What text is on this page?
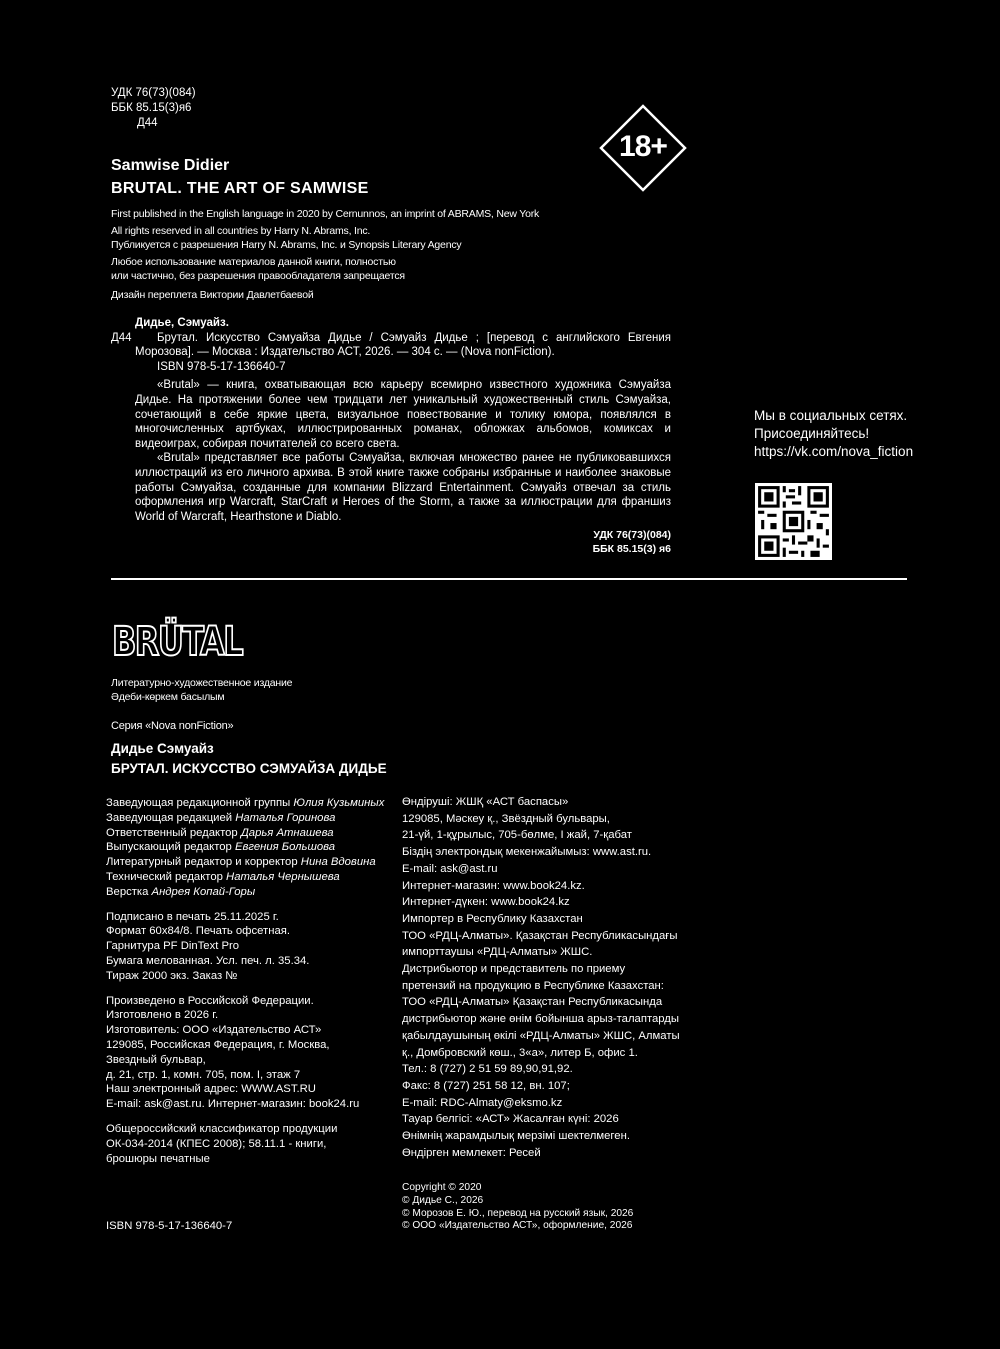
УДК 76(73)(084)
ББК 85.15(3)я6
Д44
18+
Samwise Didier
BRUTAL. THE ART OF SAMWISE
First published in the English language in 2020 by Cernunnos, an imprint of ABRAMS, New York
All rights reserved in all countries by Harry N. Abrams, Inc.
Публикуется с разрешения Harry N. Abrams, Inc. и Synopsis Literary Agency
Любое использование материалов данной книги, полностью
или частично, без разрешения правообладателя запрещается
Дизайн переплета Виктории Давлетбаевой

Дидье, Сэмуайз.

Д44	Брутал. Искусство Сэмуайза Дидье / Сэмуайз Дидье ; [перевод с английского Евгения Морозова]. — Москва : Издательство АСТ, 2026. — 304 с. — (Nova nonFiction).

ISBN 978-5-17-136640-7

«Brutal» — книга, охватывающая всю карьеру всемирно известного художника Сэмуайза Дидье. На протяжении более чем тридцати лет уникальный художественный стиль Сэмуайза, сочетающий в себе яркие цвета, визуальное повествование и толику юмора, появлялся в многочисленных артбуках, иллюстрированных романах, обложках альбомов, комиксах и видеоиграх, собирая почитателей со всего света.

«Brutal» представляет все работы Сэмуайза, включая множество ранее не публиковавшихся иллюстраций из его личного архива. В этой книге также собраны избранные и наиболее знаковые работы Сэмуайза, созданные для компании Blizzard Entertainment. Сэмуайз отвечал за стиль оформления игр Warcraft, StarCraft и Heroes of the Storm, а также за иллюстрации для франшиз World of Warcraft, Hearthstone и Diablo.

УДК 76(73)(084)
ББК 85.15(3) я6
Мы в социальных сетях.
Присоединяйтесь!
https://vk.com/nova_fiction
BRÜTAL
Литературно-художественное издание
Әдеби-көркем басылым
Серия «Nova nonFiction»
Дидье Сэмуайз
БРУТАЛ. ИСКУССТВО СЭМУАЙЗА ДИДЬЕ
Заведующая редакционной группы Юлия Кузьминых
Заведующая редакцией Наталья Горинова
Ответственный редактор Дарья Атнашева
Выпускающий редактор Евгения Большова
Литературный редактор и корректор Нина Вдовина
Технический редактор Наталья Чернышева
Верстка Андрея Копай-Горы
Подписано в печать 25.11.2025 г.
Формат 60х84/8. Печать офсетная.
Гарнитура PF DinText Pro
Бумага мелованная. Усл. печ. л. 35.34.
Тираж 2000 экз. Заказ №
Произведено в Российской Федерации.
Изготовлено в 2026 г.
Изготовитель: ООО «Издательство АСТ»
129085, Российская Федерация, г. Москва,
Звездный бульвар,
д. 21, стр. 1, комн. 705, пом. I, этаж 7
Наш электронный адрес: WWW.AST.RU
E-mail: ask@ast.ru. Интернет-магазин: book24.ru
Общероссийский классификатор продукции
ОК-034-2014 (КПЕС 2008); 58.11.1 - книги,
брошюры печатные
ISBN 978-5-17-136640-7
Өндіруші: ЖШҚ «АСТ баспасы»
129085, Мәскеу қ., Звёздный бульвары,
21-үй, 1-құрылыс, 705-бөлме, I жай, 7-қабат
Біздің электрондық мекенжайымыз: www.ast.ru.
E-mail: ask@ast.ru
Интернет-магазин: www.book24.kz.
Интернет-дүкен: www.book24.kz
Импортер в Республику Казахстан
ТОО «РДЦ-Алматы». Қазақстан Республикасындағы
импорттаушы «РДЦ-Алматы» ЖШС.
Дистрибьютор и представитель по приему
претензий на продукцию в Республике Казахстан:
ТОО «РДЦ-Алматы» Қазақстан Республикасында
дистрибьютор және өнім бойынша арыз-талаптарды
қабылдаушының өкілі «РДЦ-Алматы» ЖШС, Алматы
қ., Домбровский көш., 3«а», литер Б, офис 1.
Тел.: 8 (727) 2 51 59 89,90,91,92.
Факс: 8 (727) 251 58 12, вн. 107;
E-mail: RDC-Almaty@eksmo.kz
Тауар белгісі: «АСТ» Жасалған күні: 2026
Өнімнің жарамдылық мерзімі шектелмеген.
Өндірген мемлекет: Ресей
Copyright © 2020
© Дидье С., 2026
© Морозов Е. Ю., перевод на русский язык, 2026
© ООО «Издательство АСТ», оформление, 2026
